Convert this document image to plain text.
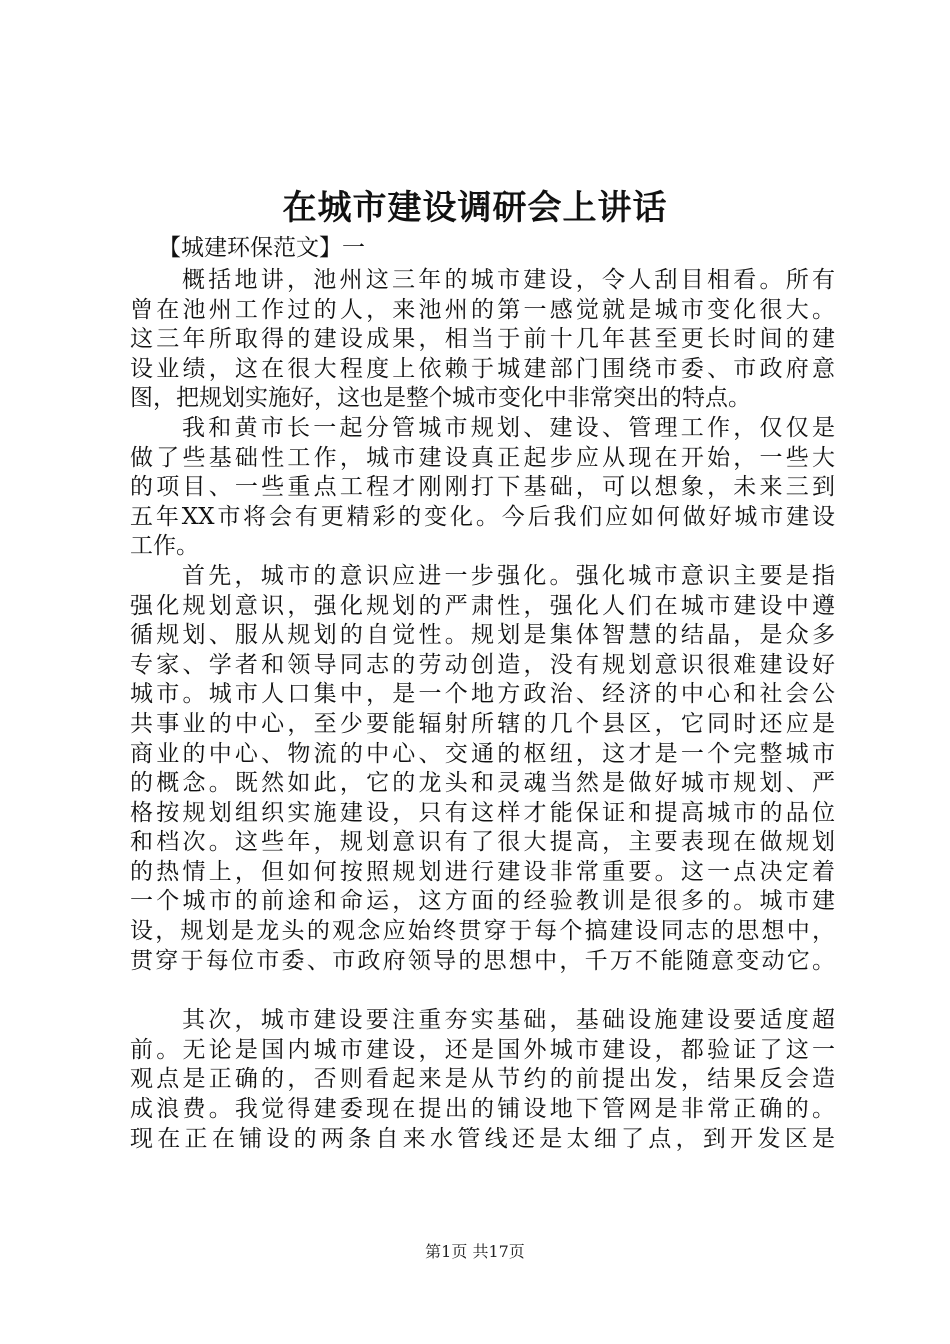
在城市建设调研会上讲话
【城建环保范文】一
概括地讲，池州这三年的城市建设，令人刮目相看。所有
曾在池州工作过的人，来池州的第一感觉就是城市变化很大。
这三年所取得的建设成果，相当于前十几年甚至更长时间的建
设业绩，这在很大程度上依赖于城建部门围绕市委、市政府意
图，把规划实施好，这也是整个城市变化中非常突出的特点。
我和黄市长一起分管城市规划、建设、管理工作，仅仅是
做了些基础性工作，城市建设真正起步应从现在开始，一些大
的项目、一些重点工程才刚刚打下基础，可以想象，未来三到
五年XX市将会有更精彩的变化。今后我们应如何做好城市建设
工作。
首先，城市的意识应进一步强化。强化城市意识主要是指
强化规划意识，强化规划的严肃性，强化人们在城市建设中遵
循规划、服从规划的自觉性。规划是集体智慧的结晶，是众多
专家、学者和领导同志的劳动创造，没有规划意识很难建设好
城市。城市人口集中，是一个地方政治、经济的中心和社会公
共事业的中心，至少要能辐射所辖的几个县区，它同时还应是
商业的中心、物流的中心、交通的枢纽，这才是一个完整城市
的概念。既然如此，它的龙头和灵魂当然是做好城市规划、严
格按规划组织实施建设，只有这样才能保证和提高城市的品位
和档次。这些年，规划意识有了很大提高，主要表现在做规划
的热情上，但如何按照规划进行建设非常重要。这一点决定着
一个城市的前途和命运，这方面的经验教训是很多的。城市建
设，规划是龙头的观念应始终贯穿于每个搞建设同志的思想中，
贯穿于每位市委、市政府领导的思想中，千万不能随意变动它。
其次，城市建设要注重夯实基础，基础设施建设要适度超
前。无论是国内城市建设，还是国外城市建设，都验证了这一
观点是正确的，否则看起来是从节约的前提出发，结果反会造
成浪费。我觉得建委现在提出的铺设地下管网是非常正确的。
现在正在铺设的两条自来水管线还是太细了点，到开发区是
第1页 共17页
